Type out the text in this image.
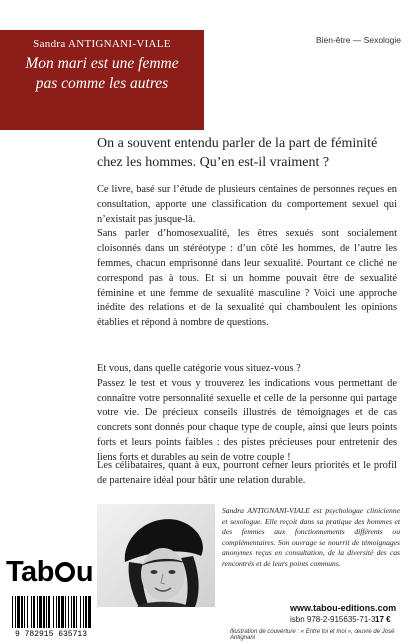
Sandra ANTIGNANI-VIALE
Mon mari est une femme
pas comme les autres
Bien-être — Sexologie
On a souvent entendu parler de la part de féminité chez les hommes. Qu’en est-il vraiment ?

Ce livre, basé sur l’étude de plusieurs centaines de personnes reçues en consultation, apporte une classification du comportement sexuel qui n’existait pas jusque-là.

Sans parler d’homosexualité, les êtres sexués sont socialement cloisonnés dans un stéréotype : d’un côté les hommes, de l’autre les femmes, chacun emprisonné dans leur sexualité. Pourtant ce cliché ne correspond pas à tous. Et si un homme pouvait être de sexualité féminine et une femme de sexualité masculine ? Voici une approche inédite des relations et de la sexualité qui chamboulent les opinions établies et répond à nombre de questions.

Et vous, dans quelle catégorie vous situez-vous ?

Passez le test et vous y trouverez les indications vous permettant de connaître votre personnalité sexuelle et celle de la personne qui partage votre vie. De précieux conseils illustrés de témoignages et de cas concrets sont donnés pour chaque type de couple, ainsi que leurs points forts et leurs points faibles : des pistes précieuses pour entretenir des liens forts et durables au sein de votre couple !

Les célibataires, quant à eux, pourront cerner leurs priorités et le profil de partenaire idéal pour bâtir une relation durable.

Sandra ANTIGNANI-VIALE est psychologue clinicienne et sexologue. Elle reçoit dans sa pratique des hommes et des femmes aux fonctionnements différents ou complémentaires. Son ouvrage se nourrit de témoignages anonymes reçus en consultation, de la diversité des cas rencontrés et de leurs points communs.
Tab u
9 782915 635713
www.tabou-editions.com
isbn 978-2-915635-71-3 17 €
Illustration de couverture : « Entre toi et moi », œuvre de José Antignani
